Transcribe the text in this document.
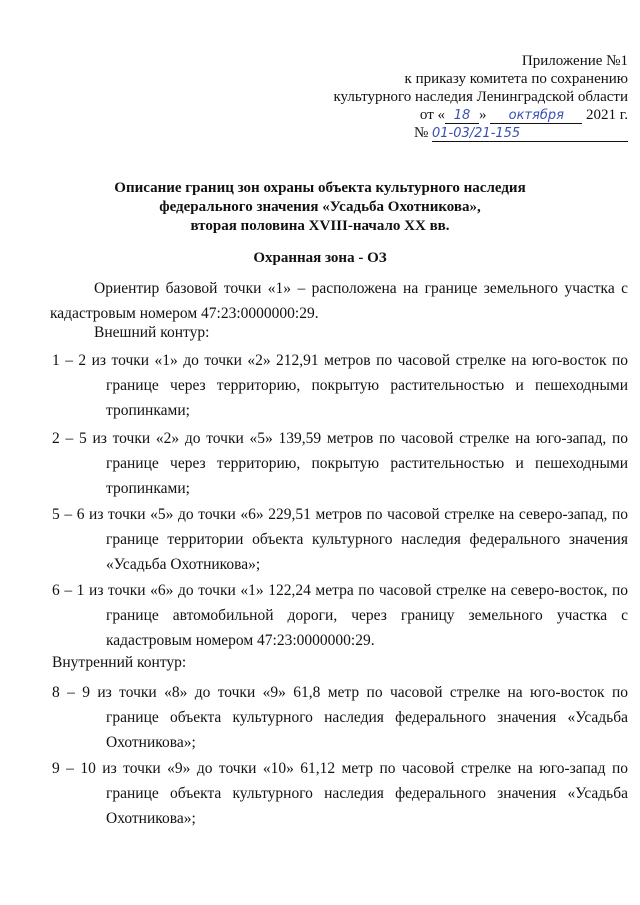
Приложение №1
к приказу комитета по сохранению
культурного наследия Ленинградской области
от « 18 » октября 2021 г.
№ 01-03/21-155
Описание границ зон охраны объекта культурного наследия
федерального значения «Усадьба Охотникова»,
вторая половина XVIII-начало XX вв.
Охранная зона - ОЗ
Ориентир базовой точки «1» – расположена на границе земельного участка с кадастровым номером 47:23:0000000:29.
Внешний контур:
1 – 2 из точки «1» до точки «2» 212,91 метров по часовой стрелке на юго-восток по границе через территорию, покрытую растительностью и пешеходными тропинками;
2 – 5 из точки «2» до точки «5» 139,59 метров по часовой стрелке на юго-запад, по границе через территорию, покрытую растительностью и пешеходными тропинками;
5 – 6 из точки «5» до точки «6» 229,51 метров по часовой стрелке на северо-запад, по границе территории объекта культурного наследия федерального значения «Усадьба Охотникова»;
6 – 1 из точки «6» до точки «1» 122,24 метра по часовой стрелке на северо-восток, по границе автомобильной дороги, через границу земельного участка с кадастровым номером 47:23:0000000:29.
Внутренний контур:
8 – 9 из точки «8» до точки «9» 61,8 метр по часовой стрелке на юго-восток по границе объекта культурного наследия федерального значения «Усадьба Охотникова»;
9 – 10 из точки «9» до точки «10» 61,12 метр по часовой стрелке на юго-запад по границе объекта культурного наследия федерального значения «Усадьба Охотникова»;
